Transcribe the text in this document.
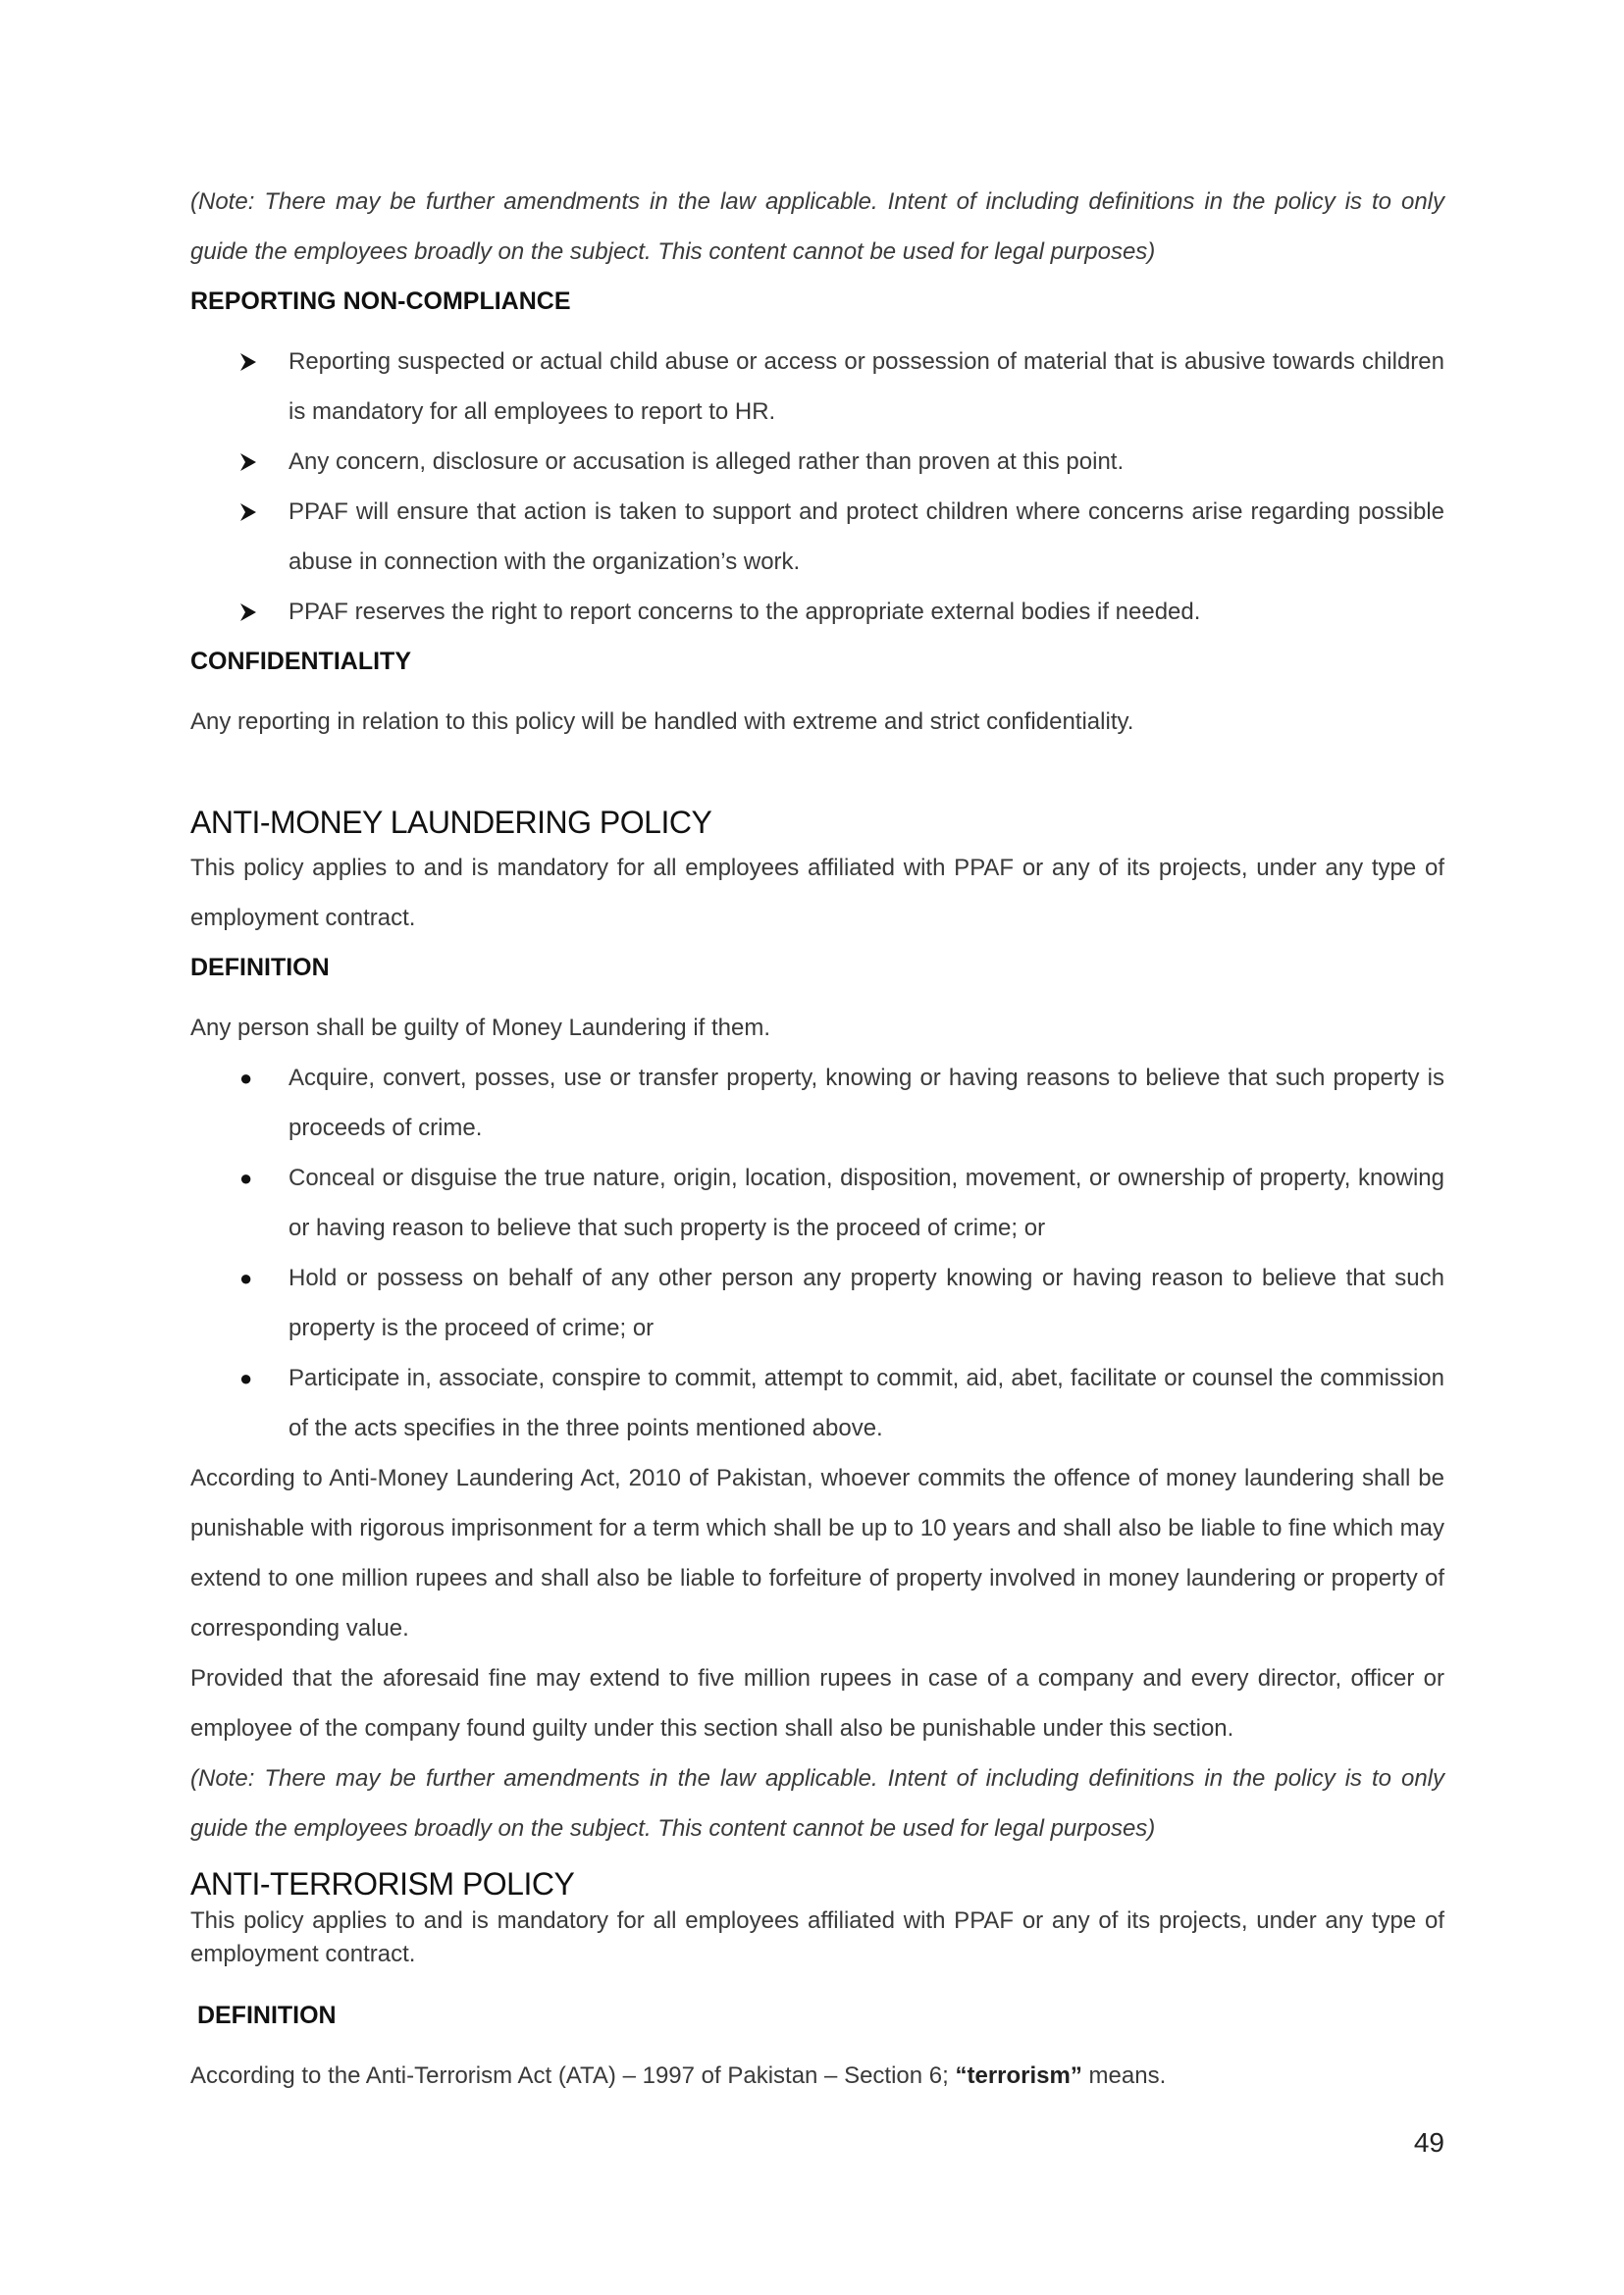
(Note: There may be further amendments in the law applicable. Intent of including definitions in the policy is to only guide the employees broadly on the subject. This content cannot be used for legal purposes)

REPORTING NON-COMPLIANCE
Reporting suspected or actual child abuse or access or possession of material that is abusive towards children is mandatory for all employees to report to HR.
Any concern, disclosure or accusation is alleged rather than proven at this point.
PPAF will ensure that action is taken to support and protect children where concerns arise regarding possible abuse in connection with the organization’s work.
PPAF reserves the right to report concerns to the appropriate external bodies if needed.
CONFIDENTIALITY

Any reporting in relation to this policy will be handled with extreme and strict confidentiality.

ANTI-MONEY LAUNDERING POLICY

This policy applies to and is mandatory for all employees affiliated with PPAF or any of its projects, under any type of employment contract.

DEFINITION

Any person shall be guilty of Money Laundering if them.

●	Acquire, convert, posses, use or transfer property, knowing or having reasons to believe that such property is proceeds of crime.
●	Conceal or disguise the true nature, origin, location, disposition, movement, or ownership of property, knowing or having reason to believe that such property is the proceed of crime; or
●	Hold or possess on behalf of any other person any property knowing or having reason to believe that such property is the proceed of crime; or
●	Participate in, associate, conspire to commit, attempt to commit, aid, abet, facilitate or counsel the commission of the acts specifies in the three points mentioned above.

According to Anti-Money Laundering Act, 2010 of Pakistan, whoever commits the offence of money laundering shall be punishable with rigorous imprisonment for a term which shall be up to 10 years and shall also be liable to fine which may extend to one million rupees and shall also be liable to forfeiture of property involved in money laundering or property of corresponding value.

Provided that the aforesaid fine may extend to five million rupees in case of a company and every director, officer or employee of the company found guilty under this section shall also be punishable under this section.

(Note: There may be further amendments in the law applicable. Intent of including definitions in the policy is to only guide the employees broadly on the subject. This content cannot be used for legal purposes)

ANTI-TERRORISM POLICY

This policy applies to and is mandatory for all employees affiliated with PPAF or any of its projects, under any type of employment contract.

DEFINITION

According to the Anti-Terrorism Act (ATA) – 1997 of Pakistan – Section 6; “terrorism” means.

49
